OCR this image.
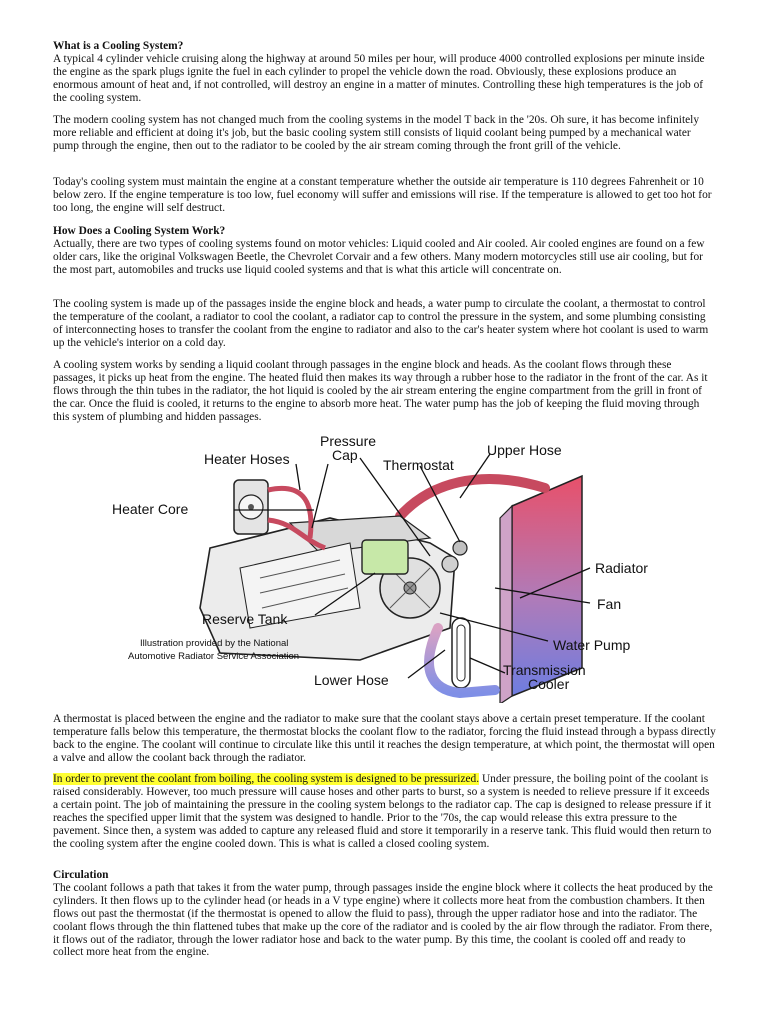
What is a Cooling System?

A typical 4 cylinder vehicle cruising along the highway at around 50 miles per hour, will produce 4000 controlled explosions per minute inside the engine as the spark plugs ignite the fuel in each cylinder to propel the vehicle down the road. Obviously, these explosions produce an enormous amount of heat and, if not controlled, will destroy an engine in a matter of minutes. Controlling these high temperatures is the job of the cooling system.

The modern cooling system has not changed much from the cooling systems in the model T back in the '20s. Oh sure, it has become infinitely more reliable and efficient at doing it's job, but the basic cooling system still consists of liquid coolant being pumped by a mechanical water pump through the engine, then out to the radiator to be cooled by the air stream coming through the front grill of the vehicle.

Today's cooling system must maintain the engine at a constant temperature whether the outside air temperature is 110 degrees Fahrenheit or 10 below zero. If the engine temperature is too low, fuel economy will suffer and emissions will rise. If the temperature is allowed to get too hot for too long, the engine will self destruct.

How Does a Cooling System Work?

Actually, there are two types of cooling systems found on motor vehicles: Liquid cooled and Air cooled. Air cooled engines are found on a few older cars, like the original Volkswagen Beetle, the Chevrolet Corvair and a few others. Many modern motorcycles still use air cooling, but for the most part, automobiles and trucks use liquid cooled systems and that is what this article will concentrate on.

The cooling system is made up of the passages inside the engine block and heads, a water pump to circulate the coolant, a thermostat to control the temperature of the coolant, a radiator to cool the coolant, a radiator cap to control the pressure in the system, and some plumbing consisting of interconnecting hoses to transfer the coolant from the engine to radiator and also to the car's heater system where hot coolant is used to warm up the vehicle's interior on a cold day.

A cooling system works by sending a liquid coolant through passages in the engine block and heads. As the coolant flows through these passages, it picks up heat from the engine. The heated fluid then makes its way through a rubber hose to the radiator in the front of the car. As it flows through the thin tubes in the radiator, the hot liquid is cooled by the air stream entering the engine compartment from the grill in front of the car. Once the fluid is cooled, it returns to the engine to absorb more heat. The water pump has the job of keeping the fluid moving through this system of plumbing and hidden passages.

Heater Hoses
Pressure
Cap
Thermostat
Upper Hose
Heater Core
Radiator
Fan
Reserve Tank
Water Pump
Transmission
Cooler
Lower Hose
Illustration provided by the National
Automotive Radiator Service Association

A thermostat is placed between the engine and the radiator to make sure that the coolant stays above a certain preset temperature. If the coolant temperature falls below this temperature, the thermostat blocks the coolant flow to the radiator, forcing the fluid instead through a bypass directly back to the engine. The coolant will continue to circulate like this until it reaches the design temperature, at which point, the thermostat will open a valve and allow the coolant back through the radiator.

In order to prevent the coolant from boiling, the cooling system is designed to be pressurized. Under pressure, the boiling point of the coolant is raised considerably. However, too much pressure will cause hoses and other parts to burst, so a system is needed to relieve pressure if it exceeds a certain point. The job of maintaining the pressure in the cooling system belongs to the radiator cap. The cap is designed to release pressure if it reaches the specified upper limit that the system was designed to handle. Prior to the '70s, the cap would release this extra pressure to the pavement. Since then, a system was added to capture any released fluid and store it temporarily in a reserve tank. This fluid would then return to the cooling system after the engine cooled down. This is what is called a closed cooling system.

Circulation

The coolant follows a path that takes it from the water pump, through passages inside the engine block where it collects the heat produced by the cylinders. It then flows up to the cylinder head (or heads in a V type engine) where it collects more heat from the combustion chambers. It then flows out past the thermostat (if the thermostat is opened to allow the fluid to pass), through the upper radiator hose and into the radiator. The coolant flows through the thin flattened tubes that make up the core of the radiator and is cooled by the air flow through the radiator. From there, it flows out of the radiator, through the lower radiator hose and back to the water pump. By this time, the coolant is cooled off and ready to collect more heat from the engine.
